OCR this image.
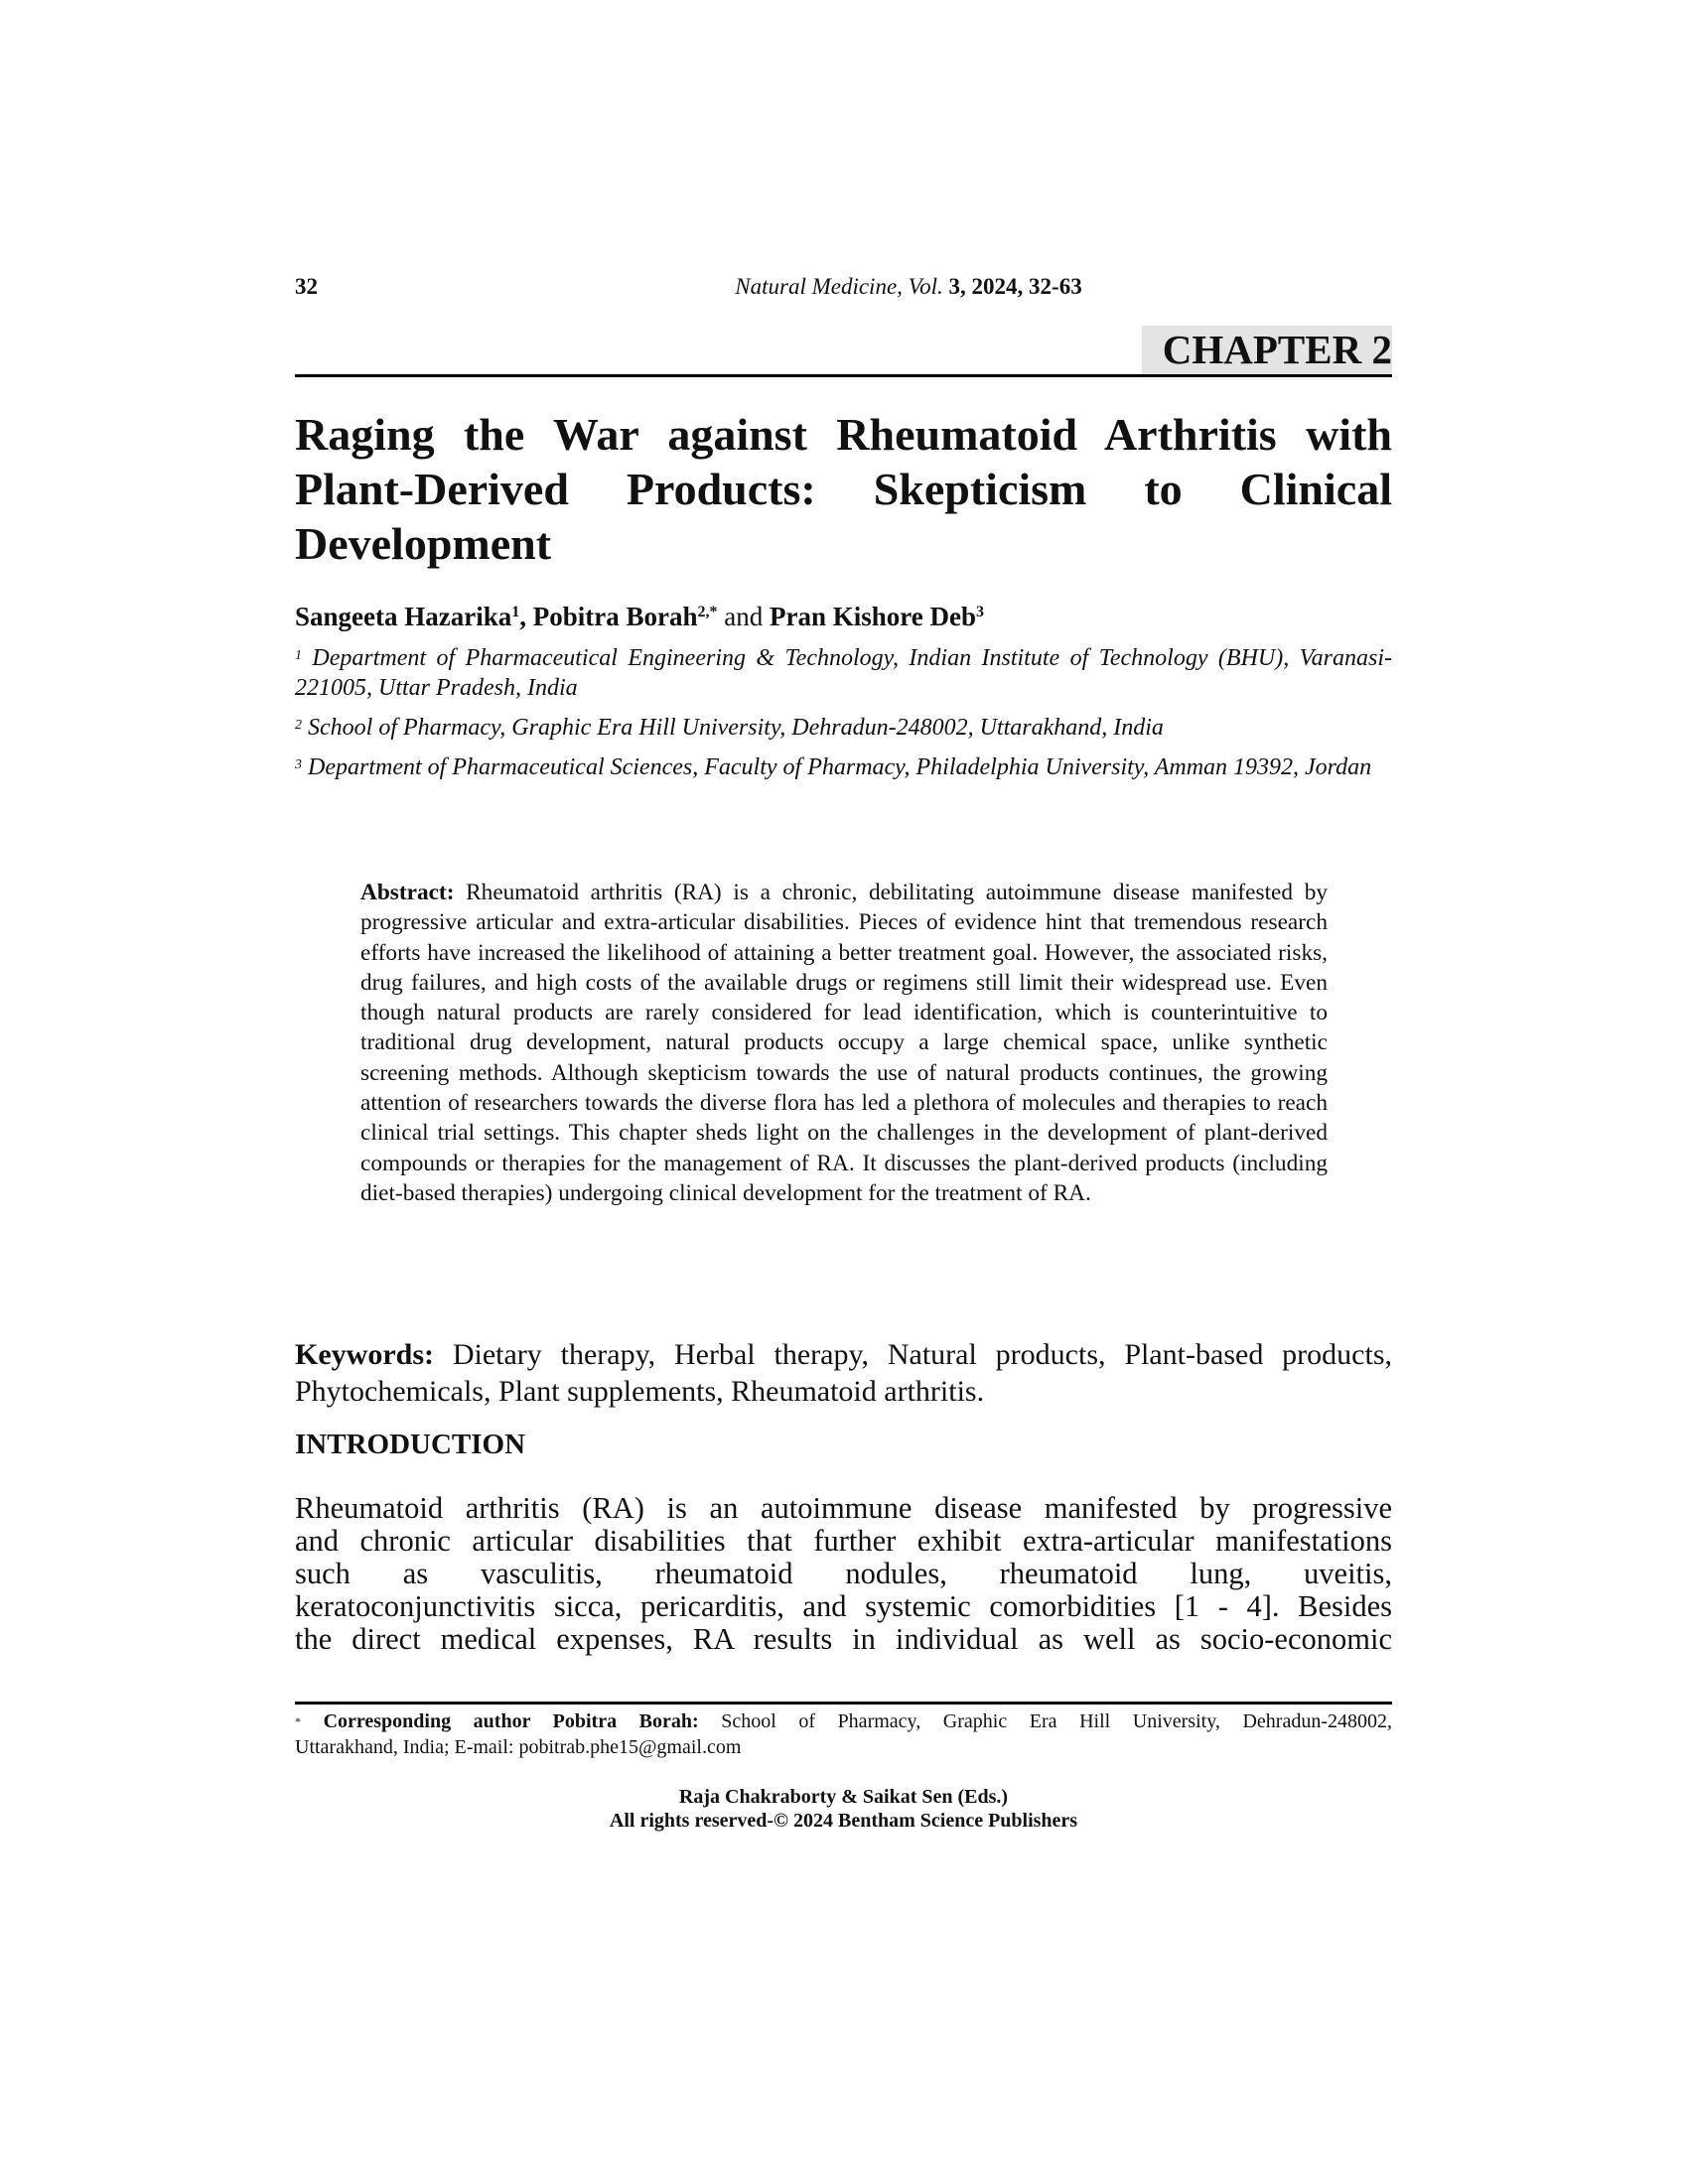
32	Natural Medicine, Vol. 3, 2024, 32-63
CHAPTER 2
Raging the War against Rheumatoid Arthritis with
Plant-Derived Products: Skepticism to Clinical
Development
Sangeeta Hazarika$^1$, Pobitra Borah$^{2,*}$ and Pran Kishore Deb$^3$

$^1$ Department of Pharmaceutical Engineering & Technology, Indian Institute of Technology (BHU), Varanasi-221005, Uttar Pradesh, India

$^2$ School of Pharmacy, Graphic Era Hill University, Dehradun-248002, Uttarakhand, India

$^3$ Department of Pharmaceutical Sciences, Faculty of Pharmacy, Philadelphia University, Amman 19392, Jordan

Abstract: Rheumatoid arthritis (RA) is a chronic, debilitating autoimmune disease manifested by progressive articular and extra-articular disabilities. Pieces of evidence hint that tremendous research efforts have increased the likelihood of attaining a better treatment goal. However, the associated risks, drug failures, and high costs of the available drugs or regimens still limit their widespread use. Even though natural products are rarely considered for lead identification, which is counterintuitive to traditional drug development, natural products occupy a large chemical space, unlike synthetic screening methods. Although skepticism towards the use of natural products continues, the growing attention of researchers towards the diverse flora has led a plethora of molecules and therapies to reach clinical trial settings. This chapter sheds light on the challenges in the development of plant-derived compounds or therapies for the management of RA. It discusses the plant-derived products (including diet-based therapies) undergoing clinical development for the treatment of RA.
Keywords: Dietary therapy, Herbal therapy, Natural products, Plant-based products, Phytochemicals, Plant supplements, Rheumatoid arthritis.
INTRODUCTION
Rheumatoid arthritis (RA) is an autoimmune disease manifested by progressive
and chronic articular disabilities that further exhibit extra-articular manifestations
such as vasculitis, rheumatoid nodules, rheumatoid lung, uveitis,
keratoconjunctivitis sicca, pericarditis, and systemic comorbidities [1 - 4]. Besides
the direct medical expenses, RA results in individual as well as socio-economic
* Corresponding author Pobitra Borah: School of Pharmacy, Graphic Era Hill University, Dehradun-248002,
Uttarakhand, India; E-mail: pobitrab.phe15@gmail.com
Raja Chakraborty & Saikat Sen (Eds.)
All rights reserved-© 2024 Bentham Science Publishers
